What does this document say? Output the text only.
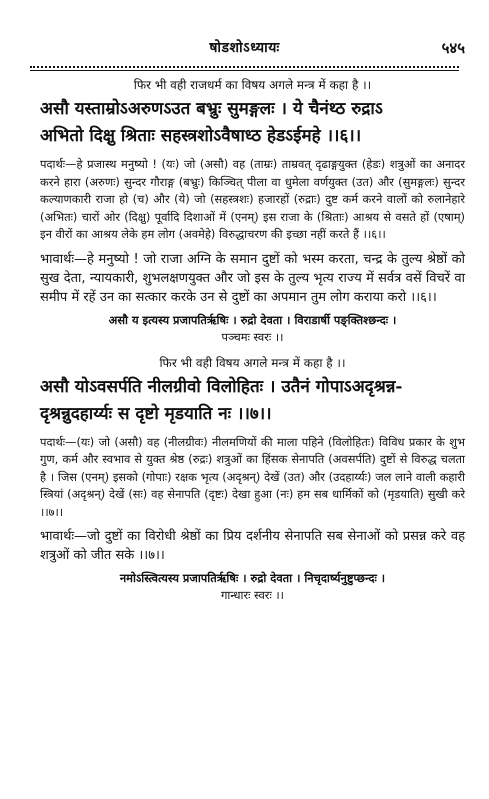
षोडशोऽध्यायः	५४५

फिर भी वही राजधर्म का विषय अगले मन्त्र में कहा है ।।

असौ यस्ताम्रोऽअरुणऽउत बभ्रुः सुमङ्गलः । ये चैनंथ्ठ रुद्राऽ

अभितो दिक्षु श्रिताः सहस्त्रशोऽवैषाध्ठ हेडऽईमहे ।।६।।

पदार्थः—हे प्रजास्थ मनुष्यो ! (यः) जो (असौ) वह (ताम्रः) ताम्रवत् दृढाङ्गयुक्त (हेडः) शत्रुओं का अनादर करने हारा (अरुणः) सुन्दर गौराङ्ग (बभ्रुः) किञ्चित् पीला वा धुमेला वर्णयुक्त (उत) और (सुमङ्गलः) सुन्दर कल्याणकारी राजा हो (च) और (ये) जो (सहस्त्रशः) हजारहों (रुद्राः) दुष्ट कर्म करने वालों को रुलानेहारे (अभितः) चारों ओर (दिक्षु) पूर्वादि दिशाओं में (एनम्) इस राजा के (श्रिताः) आश्रय से वसते हों (एषाम्) इन वीरों का आश्रय लेके हम लोग (अवमेहे) विरुद्धाचरण की इच्छा नहीं करते हैं ।।६।।

भावार्थः—हे मनुष्यो ! जो राजा अग्नि के समान दुष्टों को भस्म करता, चन्द्र के तुल्य श्रेष्ठों को सुख देता, न्यायकारी, शुभलक्षणयुक्त और जो इस के तुल्य भृत्य राज्य में सर्वत्र वसें विचरें वा समीप में रहें उन का सत्कार करके उन से दुष्टों का अपमान तुम लोग कराया करो ।।६।।

असौ य इत्यस्य प्रजापतिर्ऋषिः । रुद्रो देवता । विराडार्षी पङ्क्तिश्छन्दः ।

पञ्चमः स्वरः ।।

फिर भी वही विषय अगले मन्त्र में कहा है ।।

असौ योऽवसर्पति नीलग्रीवो विलोहितः । उतैनं गोपाऽअदृश्रन्न-

दृश्रन्नुदहार्य्यः स दृष्टो मृडयाति नः ।।७।।

पदार्थः—(यः) जो (असौ) वह (नीलग्रीवः) नीलमणियों की माला पहिने (विलोहितः) विविध प्रकार के शुभ गुण, कर्म और स्वभाव से युक्त श्रेष्ठ (रुद्रः) शत्रुओं का हिंसक सेनापति (अवसर्पति) दुष्टों से विरुद्ध चलता है । जिस (एनम्) इसको (गोपाः) रक्षक भृत्य (अदृश्रन्) देखें (उत) और (उदहार्य्यः) जल लाने वाली कहारी स्त्रियां (अदृश्रन्) देखें (सः) वह सेनापति (दृष्टः) देखा हुआ (नः) हम सब धार्मिकों को (मृडयाति) सुखी करे ।।७।।

भावार्थः—जो दुष्टों का विरोधी श्रेष्ठों का प्रिय दर्शनीय सेनापति सब सेनाओं को प्रसन्न करे वह शत्रुओं को जीत सके ।।७।।

नमोऽस्त्वित्यस्य प्रजापतिर्ऋषिः । रुद्रो देवता । निचृदार्ष्यनुष्टुप्छन्दः ।

गान्धारः स्वरः ।।
